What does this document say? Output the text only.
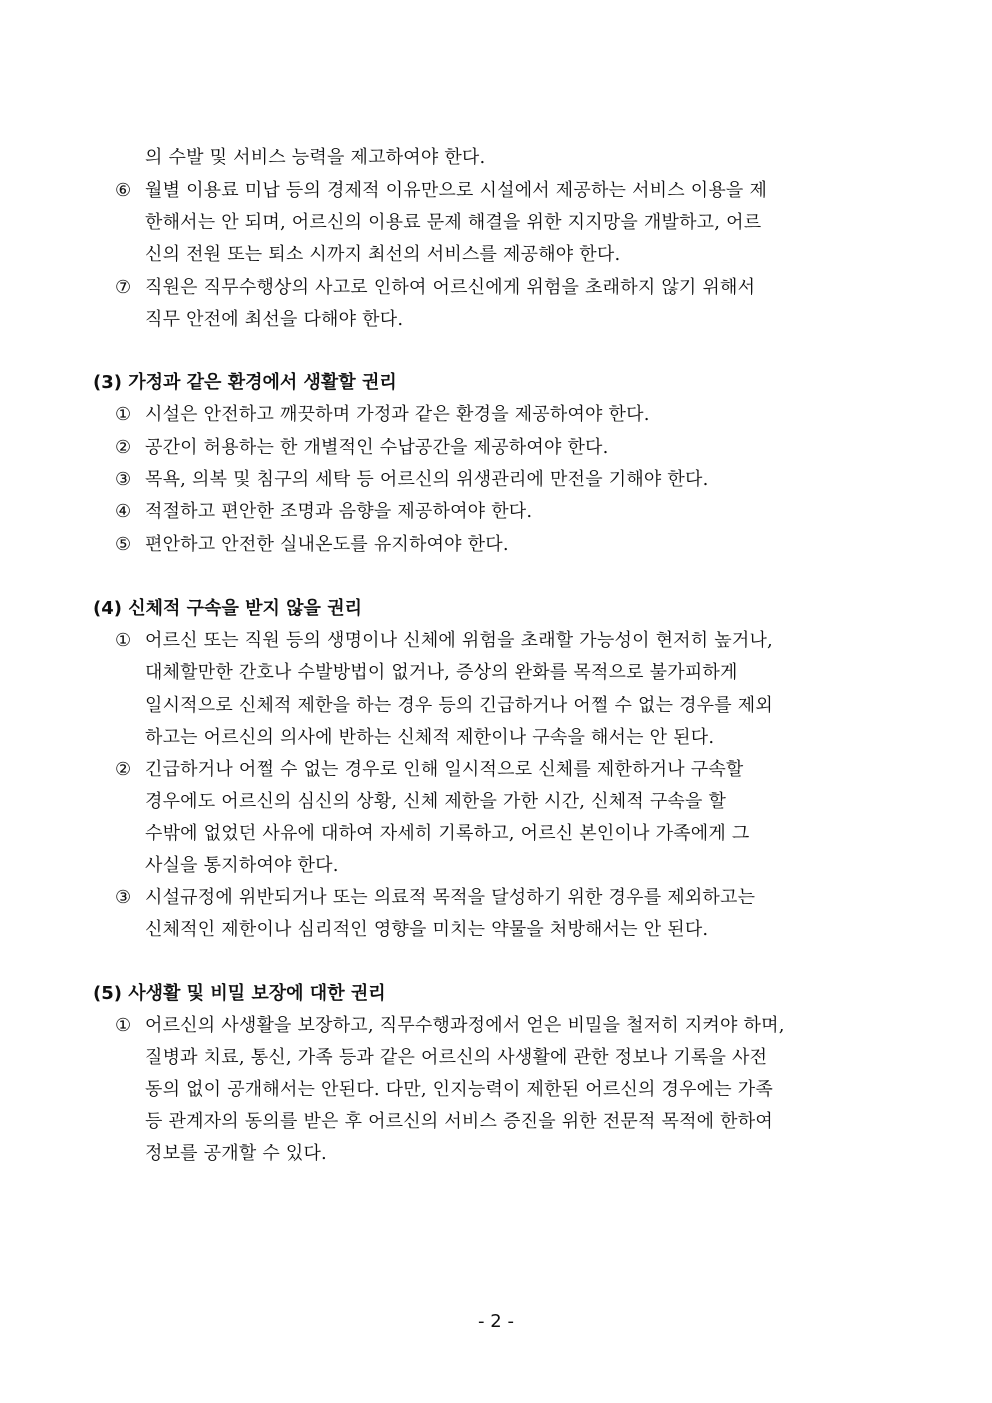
의 수발 및 서비스 능력을 제고하여야 한다.
⑥ 월별 이용료 미납 등의 경제적 이유만으로 시설에서 제공하는 서비스 이용을 제
한해서는 안 되며, 어르신의 이용료 문제 해결을 위한 지지망을 개발하고, 어르
신의 전원 또는 퇴소 시까지 최선의 서비스를 제공해야 한다.
⑦ 직원은 직무수행상의 사고로 인하여 어르신에게 위험을 초래하지 않기 위해서
직무 안전에 최선을 다해야 한다.
(3) 가정과 같은 환경에서 생활할 권리
① 시설은 안전하고 깨끗하며 가정과 같은 환경을 제공하여야 한다.
② 공간이 허용하는 한 개별적인 수납공간을 제공하여야 한다.
③ 목욕, 의복 및 침구의 세탁 등 어르신의 위생관리에 만전을 기해야 한다.
④ 적절하고 편안한 조명과 음향을 제공하여야 한다.
⑤ 편안하고 안전한 실내온도를 유지하여야 한다.
(4) 신체적 구속을 받지 않을 권리
① 어르신 또는 직원 등의 생명이나 신체에 위험을 초래할 가능성이 현저히 높거나,
대체할만한 간호나 수발방법이 없거나, 증상의 완화를 목적으로 불가피하게
일시적으로 신체적 제한을 하는 경우 등의 긴급하거나 어쩔 수 없는 경우를 제외
하고는 어르신의 의사에 반하는 신체적 제한이나 구속을 해서는 안 된다.
② 긴급하거나 어쩔 수 없는 경우로 인해 일시적으로 신체를 제한하거나 구속할
경우에도 어르신의 심신의 상황, 신체 제한을 가한 시간, 신체적 구속을 할
수밖에 없었던 사유에 대하여 자세히 기록하고, 어르신 본인이나 가족에게 그
사실을 통지하여야 한다.
③ 시설규정에 위반되거나 또는 의료적 목적을 달성하기 위한 경우를 제외하고는
신체적인 제한이나 심리적인 영향을 미치는 약물을 처방해서는 안 된다.
(5) 사생활 및 비밀 보장에 대한 권리
① 어르신의 사생활을 보장하고, 직무수행과정에서 얻은 비밀을 철저히 지켜야 하며,
질병과 치료, 통신, 가족 등과 같은 어르신의 사생활에 관한 정보나 기록을 사전
동의 없이 공개해서는 안된다. 다만, 인지능력이 제한된 어르신의 경우에는 가족
등 관계자의 동의를 받은 후 어르신의 서비스 증진을 위한 전문적 목적에 한하여
정보를 공개할 수 있다.
- 2 -
